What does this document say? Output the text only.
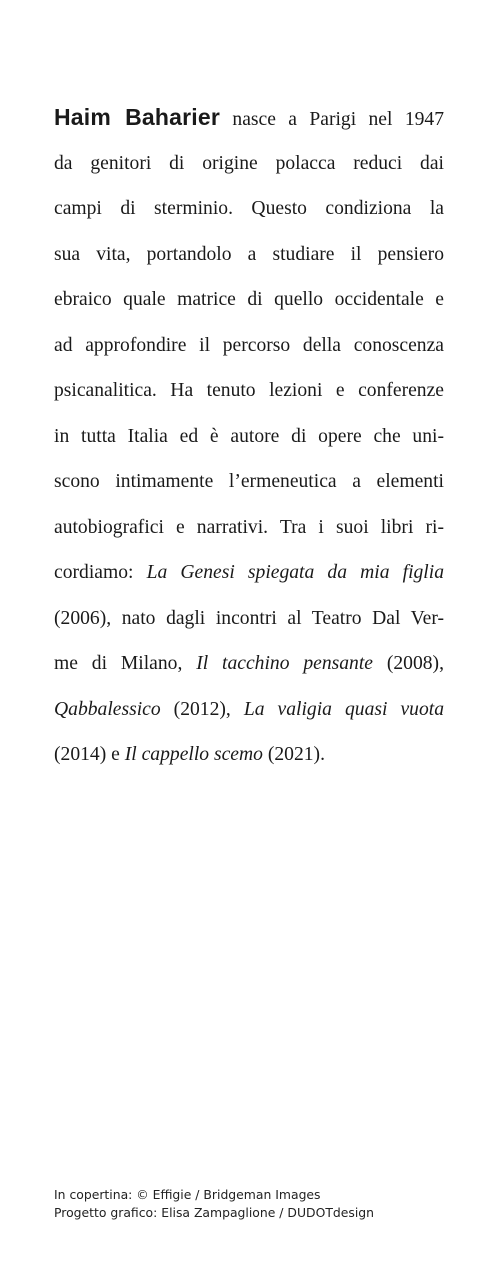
Haim Baharier nasce a Parigi nel 1947
da genitori di origine polacca reduci dai
campi di sterminio. Questo condiziona la
sua vita, portandolo a studiare il pensiero
ebraico quale matrice di quello occidentale e
ad approfondire il percorso della conoscenza
psicanalitica. Ha tenuto lezioni e conferenze
in tutta Italia ed è autore di opere che uni-
scono intimamente l’ermeneutica a elementi
autobiografici e narrativi. Tra i suoi libri ri-
cordiamo: La Genesi spiegata da mia figlia
(2006), nato dagli incontri al Teatro Dal Ver-
me di Milano, Il tacchino pensante (2008),
Qabbalessico (2012), La valigia quasi vuota
(2014) e Il cappello scemo (2021).

In copertina: © Effigie / Bridgeman Images
Progetto grafico: Elisa Zampaglione / DUDOTdesign
